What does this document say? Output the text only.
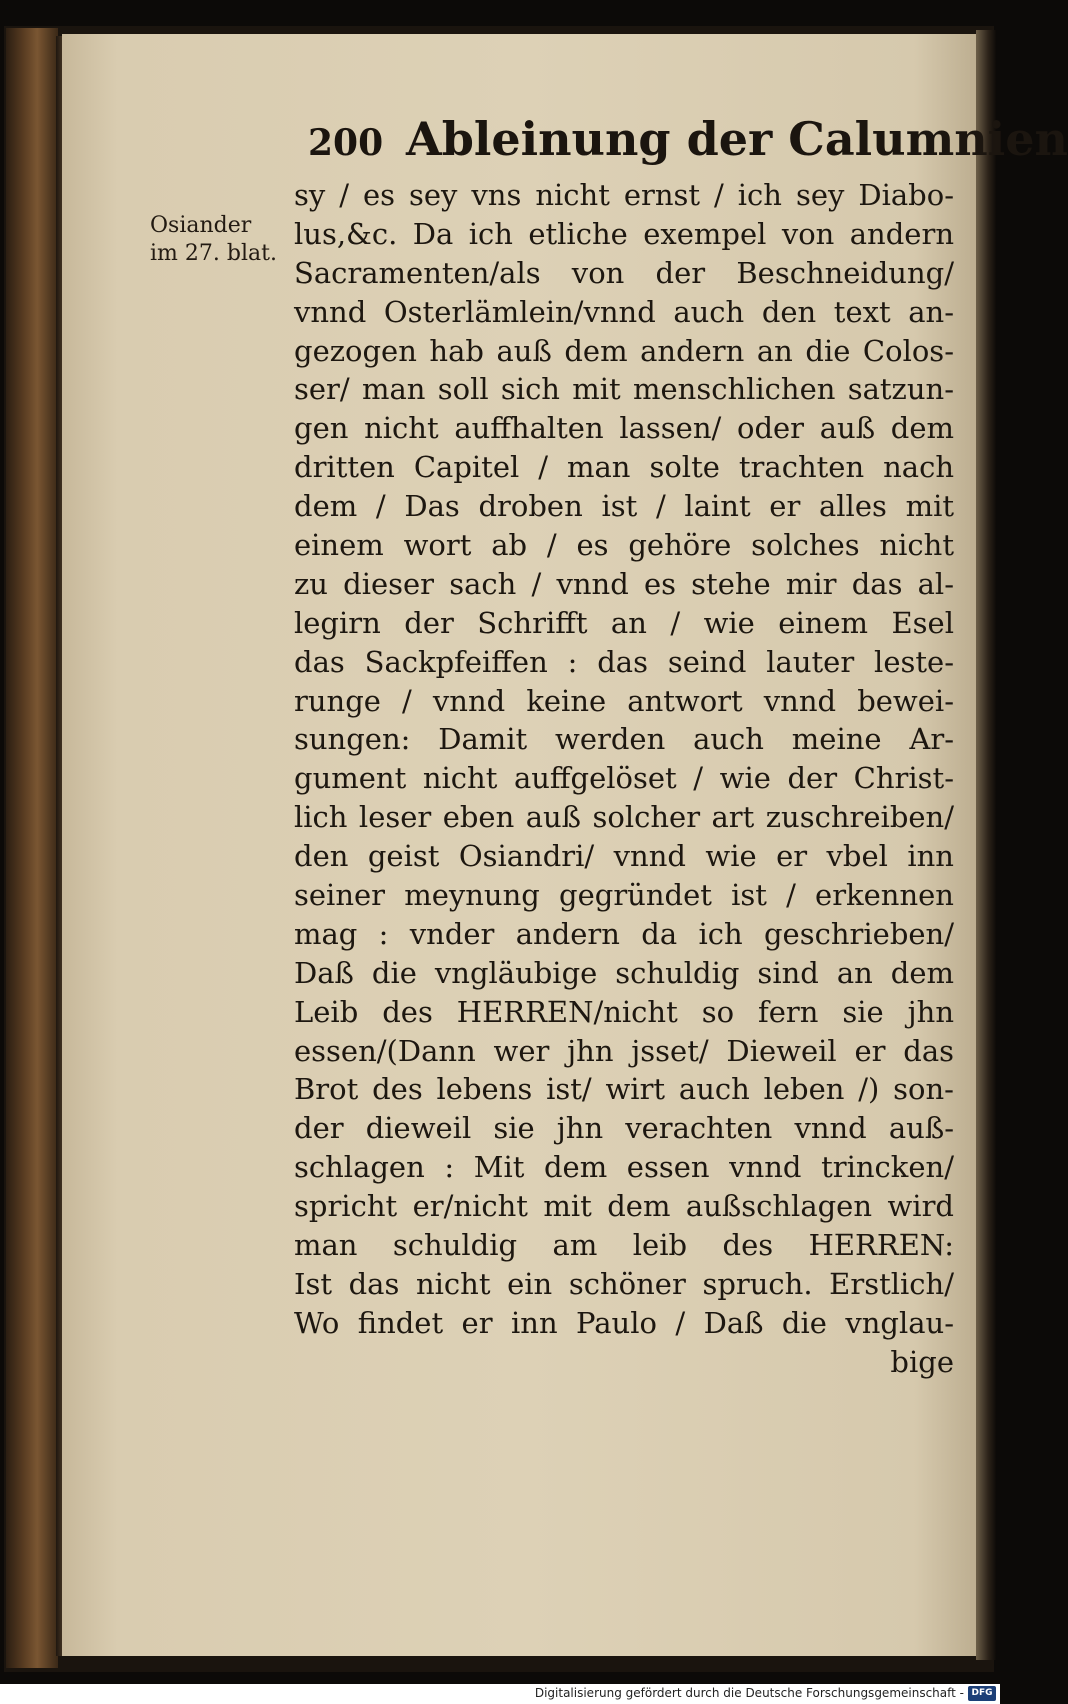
200 Ableinung der Calumnien
Osiander
im 27. blat.
sy / es sey vns nicht ernst / ich sey Diabo-
lus,&c. Da ich etliche exempel von andern
Sacramenten/als von der Beschneidung/
vnnd Osterlämlein/vnnd auch den text an-
gezogen hab auß dem andern an die Colos-
ser/ man soll sich mit menschlichen satzun-
gen nicht auffhalten lassen/ oder auß dem
dritten Capitel / man solte trachten nach
dem / Das droben ist / laint er alles mit
einem wort ab / es gehöre solches nicht
zu dieser sach / vnnd es stehe mir das al-
legirn der Schrifft an / wie einem Esel
das Sackpfeiffen : das seind lauter leste-
runge / vnnd keine antwort vnnd bewei-
sungen: Damit werden auch meine Ar-
gument nicht auffgelöset / wie der Christ-
lich leser eben auß solcher art zuschreiben/
den geist Osiandri/ vnnd wie er vbel inn
seiner meynung gegründet ist / erkennen
mag : vnder andern da ich geschrieben/
Daß die vngläubige schuldig sind an dem
Leib des HERREN/nicht so fern sie jhn
essen/(Dann wer jhn jsset/ Dieweil er das
Brot des lebens ist/ wirt auch leben /) son-
der dieweil sie jhn verachten vnnd auß-
schlagen : Mit dem essen vnnd trincken/
spricht er/nicht mit dem außschlagen wird
man schuldig am leib des HERREN:
Ist das nicht ein schöner spruch. Erstlich/
Wo findet er inn Paulo / Daß die vnglau-
bige
Digitalisierung gefördert durch die Deutsche Forschungsgemeinschaft - DFG
